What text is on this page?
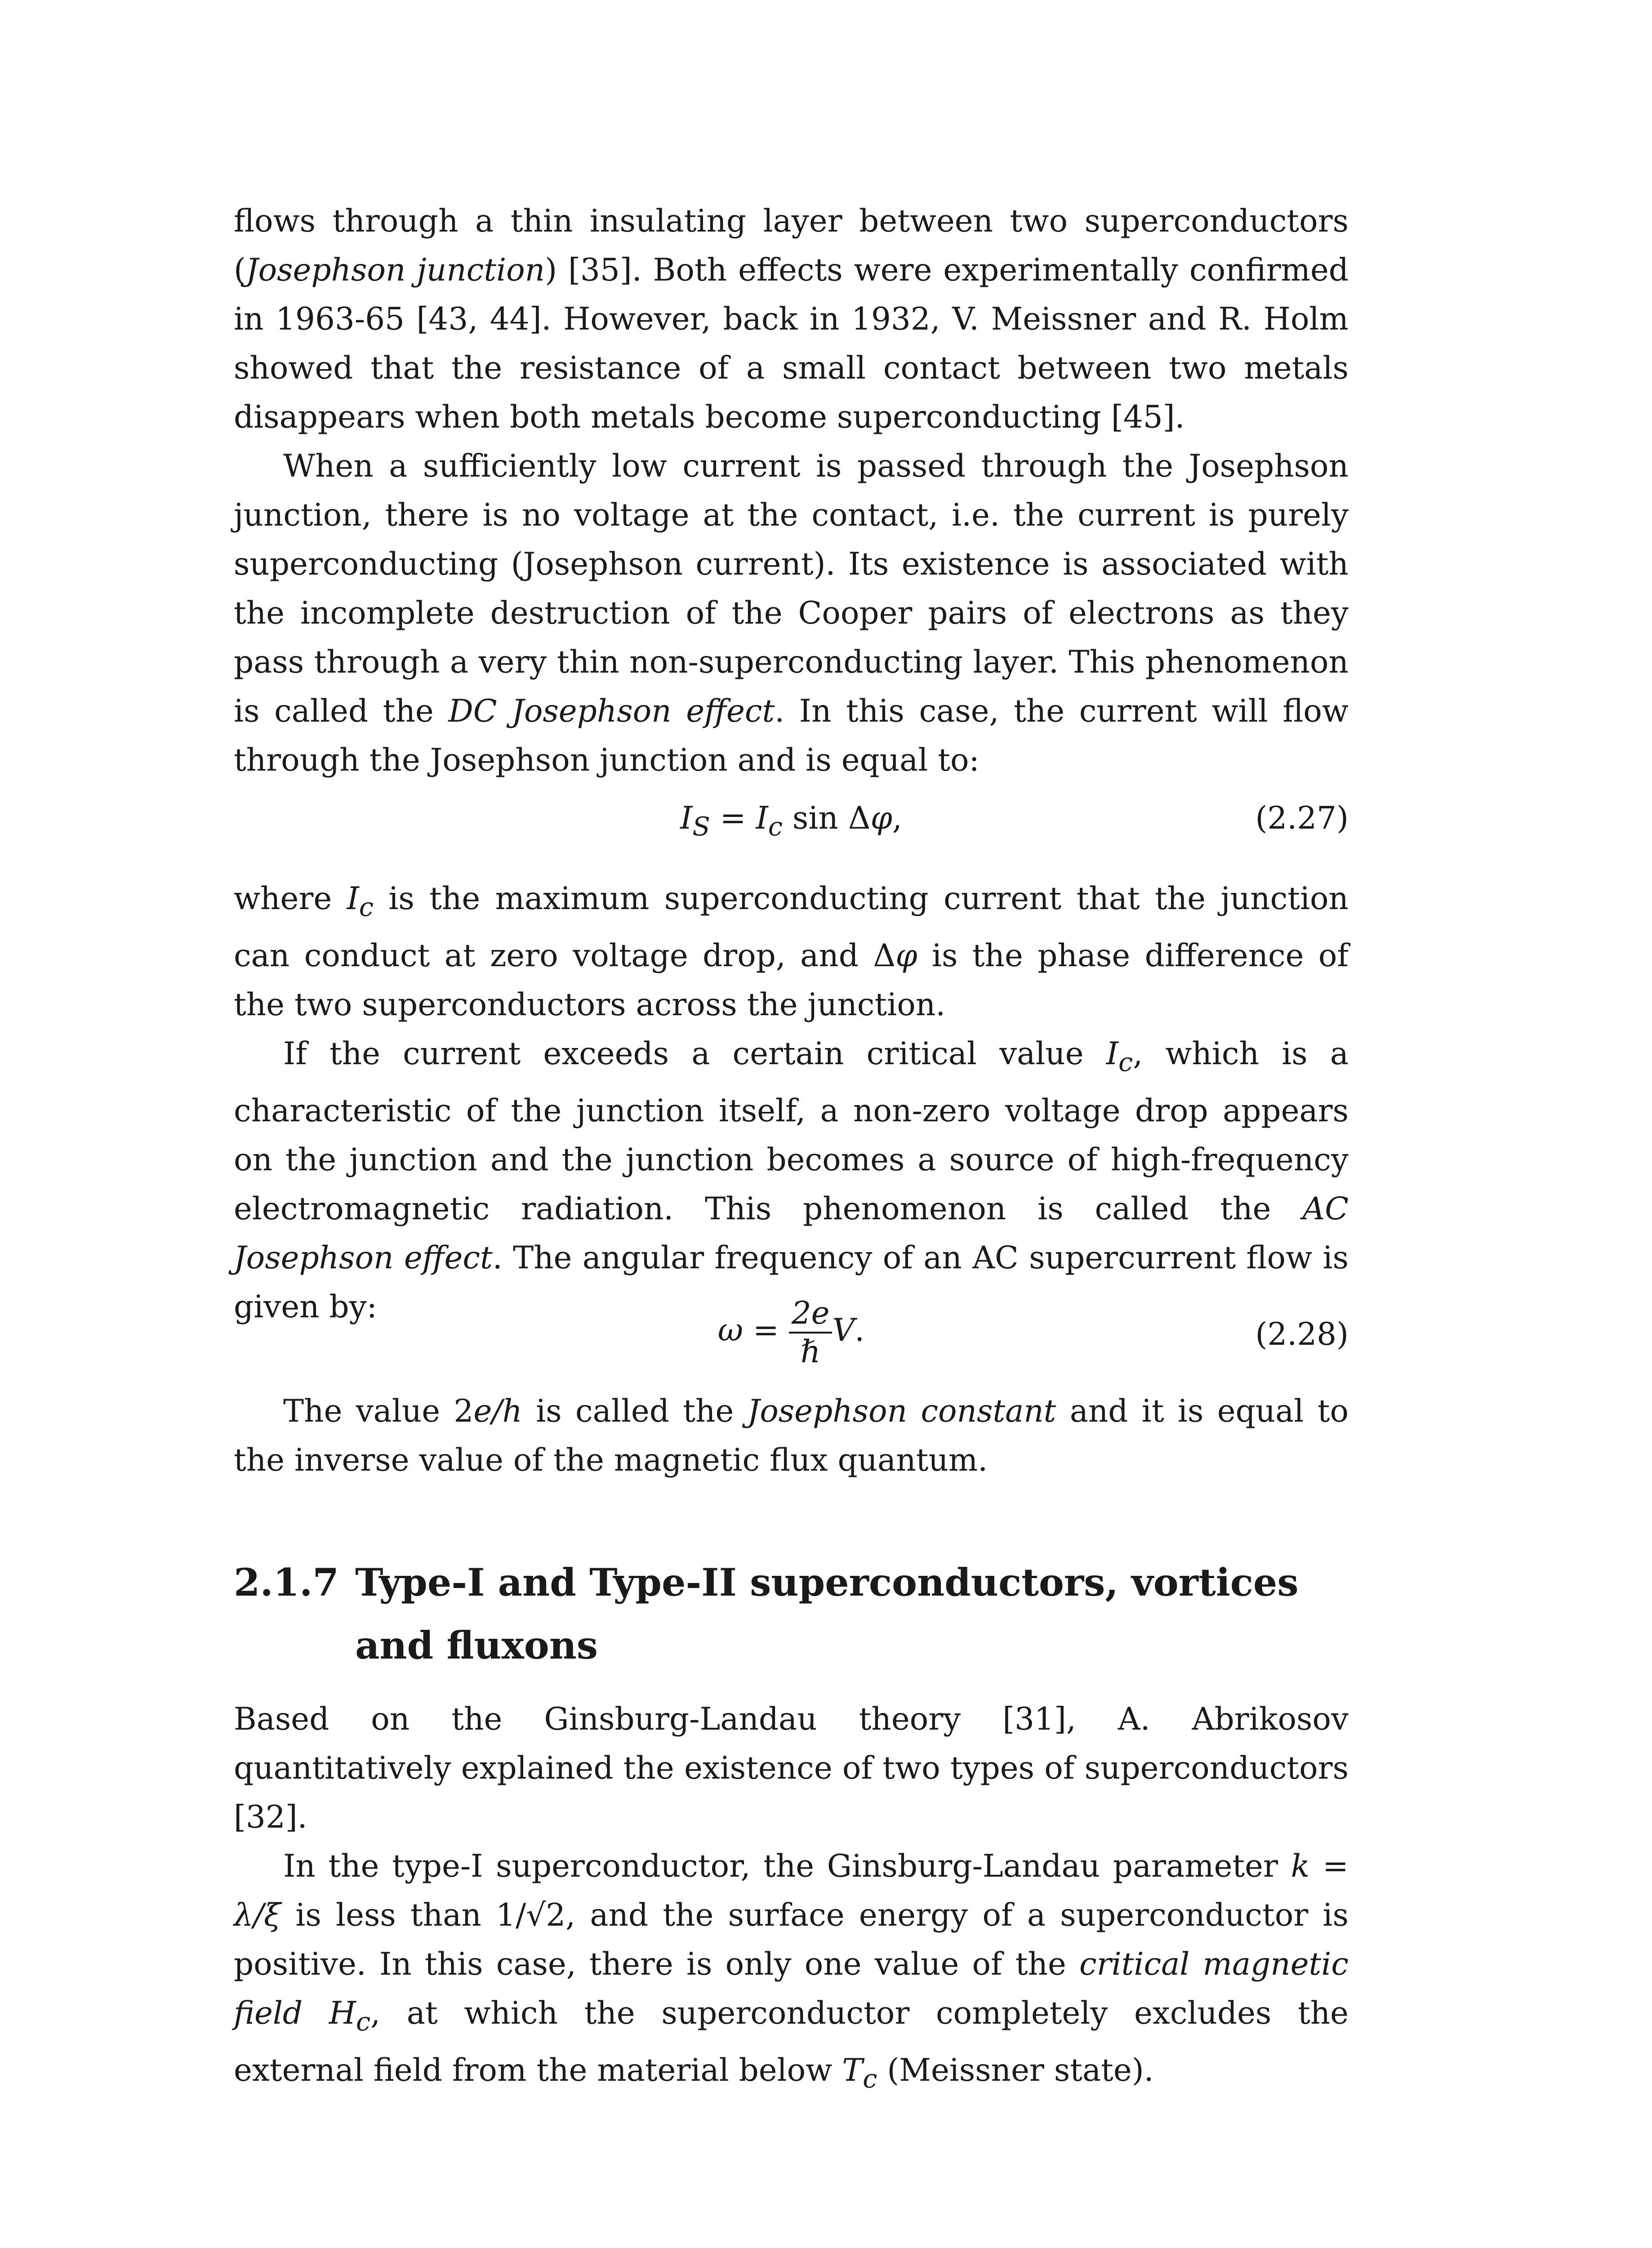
flows through a thin insulating layer between two superconductors (Josephson junction) [35]. Both effects were experimentally confirmed in 1963-65 [43, 44]. However, back in 1932, V. Meissner and R. Holm showed that the resistance of a small contact between two metals disappears when both metals become superconducting [45].

When a sufficiently low current is passed through the Josephson junction, there is no voltage at the contact, i.e. the current is purely superconducting (Josephson current). Its existence is associated with the incomplete destruction of the Cooper pairs of electrons as they pass through a very thin non-superconducting layer. This phenomenon is called the DC Josephson effect. In this case, the current will flow through the Josephson junction and is equal to:

$I_S = I_c$ sin Δφ,	(2.27)

where $I_c$ is the maximum superconducting current that the junction can conduct at zero voltage drop, and Δφ is the phase difference of the two superconductors across the junction.

If the current exceeds a certain critical value $I_c$, which is a characteristic of the junction itself, a non-zero voltage drop appears on the junction and the junction becomes a source of high-frequency electromagnetic radiation. This phenomenon is called the AC Josephson effect. The angular frequency of an AC supercurrent flow is given by:

$\omega = \frac{2e}{\text{ℏ}} V$.	(2.28)

The value 2e/h is called the Josephson constant and it is equal to the inverse value of the magnetic flux quantum.

2.1.7 Type-I and Type-II superconductors, vortices and fluxons

Based on the Ginsburg-Landau theory [31], A. Abrikosov quantitatively explained the existence of two types of superconductors [32].

In the type-I superconductor, the Ginsburg-Landau parameter k = λ/ξ is less than 1/√2, and the surface energy of a superconductor is positive. In this case, there is only one value of the critical magnetic field $H_c$, at which the superconductor completely excludes the external field from the material below $T_c$ (Meissner state).
